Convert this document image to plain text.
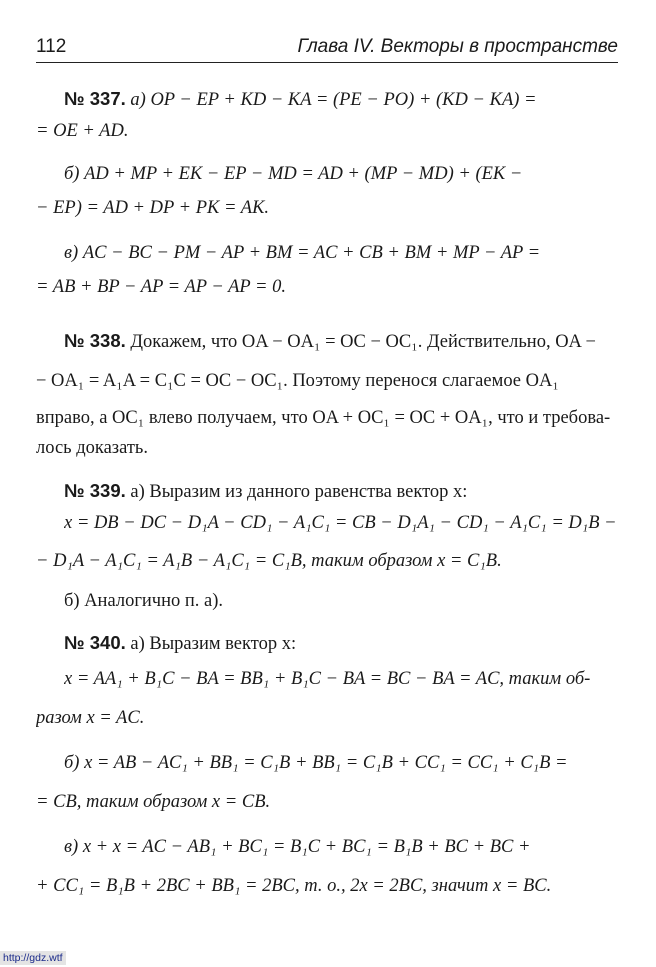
112	Глава IV. Векторы в пространстве
№ 337. а) OP − EP + KD − KA = (PE − PO) + (KD − KA) =
= OE + AD.
б) AD + MP + EK − EP − MD = AD + (MP − MD) + (EK −
− EP) = AD + DP + PK = AK.
в) AC − BC − PM − AP + BM = AC + CB + BM + MP − AP =
= AB + BP − AP = AP − AP = 0.
№ 338. Докажем, что OA − OA₁ = OC − OC₁. Действительно, OA −
− OA₁ = A₁A = C₁C = OC − OC₁. Поэтому перенося слагаемое OA₁
вправо, а OC₁ влево получаем, что OA + OC₁ = OC + OA₁, что и требова-
лось доказать.
№ 339. а) Выразим из данного равенства вектор x:
x = DB − DC − D₁A − CD₁ − A₁C₁ = CB − D₁A₁ − CD₁ − A₁C₁ = D₁B −
− D₁A − A₁C₁ = A₁B − A₁C₁ = C₁B, таким образом x = C₁B.
б) Аналогично п. а).
№ 340. а) Выразим вектор x:
x = AA₁ + B₁C − BA = BB₁ + B₁C − BA = BC − BA = AC, таким об-
разом x = AC.
б) x = AB − AC₁ + BB₁ = C₁B + BB₁ = C₁B + CC₁ = CC₁ + C₁B =
= CB, таким образом x = CB.
в) x + x = AC − AB₁ + BC₁ = B₁C + BC₁ = B₁B + BC + BC +
+ CC₁ = B₁B + 2BC + BB₁ = 2BC, т. о., 2x = 2BC, значит x = BC.
http://gdz.wtf
